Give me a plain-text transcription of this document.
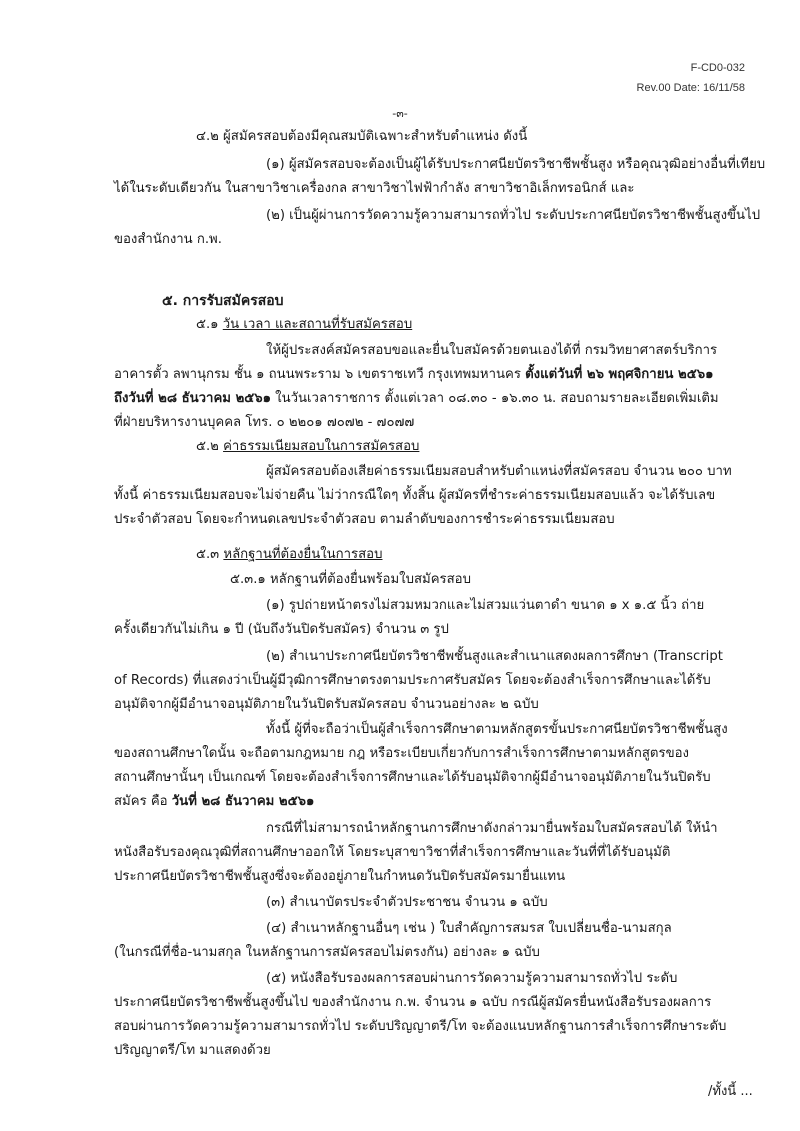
F-CD0-032
Rev.00 Date: 16/11/58
-๓-
๔.๒ ผู้สมัครสอบต้องมีคุณสมบัติเฉพาะสำหรับตำแหน่ง ดังนี้
(๑) ผู้สมัครสอบจะต้องเป็นผู้ได้รับประกาศนียบัตรวิชาชีพชั้นสูง หรือคุณวุฒิอย่างอื่นที่เทียบ
ได้ในระดับเดียวกัน ในสาขาวิชาเครื่องกล สาขาวิชาไฟฟ้ากำลัง สาขาวิชาอิเล็กทรอนิกส์ และ
(๒) เป็นผู้ผ่านการวัดความรู้ความสามารถทั่วไป ระดับประกาศนียบัตรวิชาชีพชั้นสูงขึ้นไป
ของสำนักงาน ก.พ.
๕. การรับสมัครสอบ
๕.๑ วัน เวลา และสถานที่รับสมัครสอบ
ให้ผู้ประสงค์สมัครสอบขอและยื่นใบสมัครด้วยตนเองได้ที่ กรมวิทยาศาสตร์บริการ
อาคารตั้ว ลพานุกรม ชั้น ๑ ถนนพระราม ๖ เขตราชเทวี กรุงเทพมหานคร ตั้งแต่วันที่ ๒๖ พฤศจิกายน ๒๕๖๑
ถึงวันที่ ๒๘ ธันวาคม ๒๕๖๑ ในวันเวลาราชการ ตั้งแต่เวลา ๐๘.๓๐ - ๑๖.๓๐ น. สอบถามรายละเอียดเพิ่มเติม
ที่ฝ่ายบริหารงานบุคคล โทร. ๐ ๒๒๐๑ ๗๐๗๒ - ๗๐๗๗
๕.๒ ค่าธรรมเนียมสอบในการสมัครสอบ
ผู้สมัครสอบต้องเสียค่าธรรมเนียมสอบสำหรับตำแหน่งที่สมัครสอบ จำนวน ๒๐๐ บาท
ทั้งนี้ ค่าธรรมเนียมสอบจะไม่จ่ายคืน ไม่ว่ากรณีใดๆ ทั้งสิ้น ผู้สมัครที่ชำระค่าธรรมเนียมสอบแล้ว จะได้รับเลข
ประจำตัวสอบ โดยจะกำหนดเลขประจำตัวสอบ ตามลำดับของการชำระค่าธรรมเนียมสอบ
๕.๓ หลักฐานที่ต้องยื่นในการสอบ
๕.๓.๑ หลักฐานที่ต้องยื่นพร้อมใบสมัครสอบ
(๑) รูปถ่ายหน้าตรงไม่สวมหมวกและไม่สวมแว่นตาดำ ขนาด ๑ x ๑.๕ นิ้ว ถ่าย
ครั้งเดียวกันไม่เกิน ๑ ปี (นับถึงวันปิดรับสมัคร) จำนวน ๓ รูป
(๒) สำเนาประกาศนียบัตรวิชาชีพชั้นสูงและสำเนาแสดงผลการศึกษา (Transcript
of Records) ที่แสดงว่าเป็นผู้มีวุฒิการศึกษาตรงตามประกาศรับสมัคร โดยจะต้องสำเร็จการศึกษาและได้รับ
อนุมัติจากผู้มีอำนาจอนุมัติภายในวันปิดรับสมัครสอบ จำนวนอย่างละ ๒ ฉบับ
ทั้งนี้ ผู้ที่จะถือว่าเป็นผู้สำเร็จการศึกษาตามหลักสูตรขั้นประกาศนียบัตรวิชาชีพชั้นสูง
ของสถานศึกษาใดนั้น จะถือตามกฎหมาย กฎ หรือระเบียบเกี่ยวกับการสำเร็จการศึกษาตามหลักสูตรของ
สถานศึกษานั้นๆ เป็นเกณฑ์ โดยจะต้องสำเร็จการศึกษาและได้รับอนุมัติจากผู้มีอำนาจอนุมัติภายในวันปิดรับ
สมัคร คือ วันที่ ๒๘ ธันวาคม ๒๕๖๑
กรณีที่ไม่สามารถนำหลักฐานการศึกษาดังกล่าวมายื่นพร้อมใบสมัครสอบได้ ให้นำ
หนังสือรับรองคุณวุฒิที่สถานศึกษาออกให้ โดยระบุสาขาวิชาที่สำเร็จการศึกษาและวันที่ที่ได้รับอนุมัติ
ประกาศนียบัตรวิชาชีพชั้นสูงซึ่งจะต้องอยู่ภายในกำหนดวันปิดรับสมัครมายื่นแทน
(๓) สำเนาบัตรประจำตัวประชาชน จำนวน ๑ ฉบับ
(๔) สำเนาหลักฐานอื่นๆ เช่น ) ใบสำคัญการสมรส ใบเปลี่ยนชื่อ-นามสกุล
(ในกรณีที่ชื่อ-นามสกุล ในหลักฐานการสมัครสอบไม่ตรงกัน) อย่างละ ๑ ฉบับ
(๕) หนังสือรับรองผลการสอบผ่านการวัดความรู้ความสามารถทั่วไป ระดับ
ประกาศนียบัตรวิชาชีพชั้นสูงขึ้นไป ของสำนักงาน ก.พ. จำนวน ๑ ฉบับ กรณีผู้สมัครยื่นหนังสือรับรองผลการ
สอบผ่านการวัดความรู้ความสามารถทั่วไป ระดับปริญญาตรี/โท จะต้องแนบหลักฐานการสำเร็จการศึกษาระดับ
ปริญญาตรี/โท มาแสดงด้วย
/ทั้งนี้ ...
